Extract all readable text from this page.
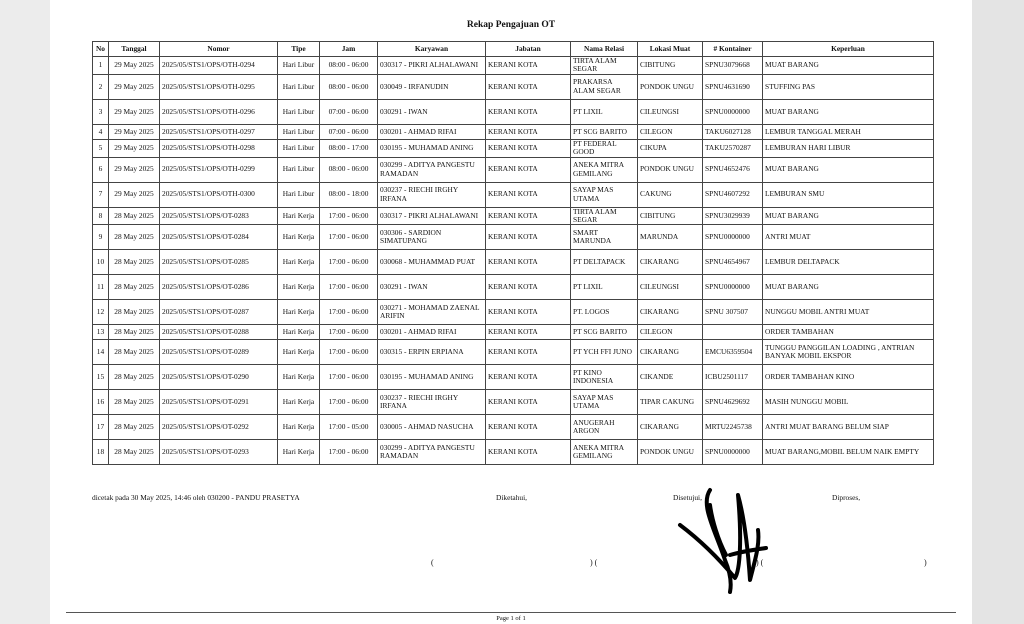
Rekap Pengajuan OT
No	Tanggal	Nomor	Tipe	Jam	Karyawan	Jabatan	Nama Relasi	Lokasi Muat	# Kontainer	Keperluan
1	29 May 2025	2025/05/STS1/OPS/OTH-0294	Hari Libur	08:00 - 06:00	030317 - PIKRI ALHALAWANI	KERANI KOTA	TIRTA ALAM SEGAR	CIBITUNG	SPNU3079668	MUAT BARANG
2	29 May 2025	2025/05/STS1/OPS/OTH-0295	Hari Libur	08:00 - 06:00	030049 - IRFANUDIN	KERANI KOTA	PRAKARSA ALAM SEGAR	PONDOK UNGU	SPNU4631690	STUFFING PAS
3	29 May 2025	2025/05/STS1/OPS/OTH-0296	Hari Libur	07:00 - 06:00	030291 - IWAN	KERANI KOTA	PT LIXIL	CILEUNGSI	SPNU0000000	MUAT BARANG
4	29 May 2025	2025/05/STS1/OPS/OTH-0297	Hari Libur	07:00 - 06:00	030201 - AHMAD RIFAI	KERANI KOTA	PT SCG BARITO	CILEGON	TAKU6027128	LEMBUR TANGGAL MERAH
5	29 May 2025	2025/05/STS1/OPS/OTH-0298	Hari Libur	08:00 - 17:00	030195 - MUHAMAD ANING	KERANI KOTA	PT FEDERAL GOOD	CIKUPA	TAKU2570287	LEMBURAN HARI LIBUR
6	29 May 2025	2025/05/STS1/OPS/OTH-0299	Hari Libur	08:00 - 06:00	030299 - ADITYA PANGESTU RAMADAN	KERANI KOTA	ANEKA MITRA GEMILANG	PONDOK UNGU	SPNU4652476	MUAT BARANG
7	29 May 2025	2025/05/STS1/OPS/OTH-0300	Hari Libur	08:00 - 18:00	030237 - RIECHI IRGHY IRFANA	KERANI KOTA	SAYAP MAS UTAMA	CAKUNG	SPNU4607292	LEMBURAN SMU
8	28 May 2025	2025/05/STS1/OPS/OT-0283	Hari Kerja	17:00 - 06:00	030317 - PIKRI ALHALAWANI	KERANI KOTA	TIRTA ALAM SEGAR	CIBITUNG	SPNU3029939	MUAT BARANG
9	28 May 2025	2025/05/STS1/OPS/OT-0284	Hari Kerja	17:00 - 06:00	030306 - SARDION SIMATUPANG	KERANI KOTA	SMART MARUNDA	MARUNDA	SPNU0000000	ANTRI MUAT
10	28 May 2025	2025/05/STS1/OPS/OT-0285	Hari Kerja	17:00 - 06:00	030068 - MUHAMMAD PUAT	KERANI KOTA	PT DELTAPACK	CIKARANG	SPNU4654967	LEMBUR DELTAPACK
11	28 May 2025	2025/05/STS1/OPS/OT-0286	Hari Kerja	17:00 - 06:00	030291 - IWAN	KERANI KOTA	PT LIXIL	CILEUNGSI	SPNU0000000	MUAT BARANG
12	28 May 2025	2025/05/STS1/OPS/OT-0287	Hari Kerja	17:00 - 06:00	030271 - MOHAMAD ZAENAL ARIFIN	KERANI KOTA	PT. LOGOS	CIKARANG	SPNU 307507	NUNGGU MOBIL ANTRI MUAT
13	28 May 2025	2025/05/STS1/OPS/OT-0288	Hari Kerja	17:00 - 06:00	030201 - AHMAD RIFAI	KERANI KOTA	PT SCG BARITO	CILEGON		ORDER TAMBAHAN
14	28 May 2025	2025/05/STS1/OPS/OT-0289	Hari Kerja	17:00 - 06:00	030315 - ERPIN ERPIANA	KERANI KOTA	PT YCH FFI JUNO	CIKARANG	EMCU6359504	TUNGGU PANGGILAN LOADING , ANTRIAN BANYAK MOBIL EKSPOR
15	28 May 2025	2025/05/STS1/OPS/OT-0290	Hari Kerja	17:00 - 06:00	030195 - MUHAMAD ANING	KERANI KOTA	PT KINO INDONESIA	CIKANDE	ICBU2501117	ORDER TAMBAHAN KINO
16	28 May 2025	2025/05/STS1/OPS/OT-0291	Hari Kerja	17:00 - 06:00	030237 - RIECHI IRGHY IRFANA	KERANI KOTA	SAYAP MAS UTAMA	TIPAR CAKUNG	SPNU4629692	MASIH NUNGGU MOBIL
17	28 May 2025	2025/05/STS1/OPS/OT-0292	Hari Kerja	17:00 - 05:00	030005 - AHMAD NASUCHA	KERANI KOTA	ANUGERAH ARGON	CIKARANG	MRTU2245738	ANTRI MUAT BARANG BELUM SIAP
18	28 May 2025	2025/05/STS1/OPS/OT-0293	Hari Kerja	17:00 - 06:00	030299 - ADITYA PANGESTU RAMADAN	KERANI KOTA	ANEKA MITRA GEMILANG	PONDOK UNGU	SPNU0000000	MUAT BARANG,MOBIL BELUM NAIK EMPTY
dicetak pada 30 May 2025, 14:46 oleh 030200 - PANDU PRASETYA	Diketahui,	Disetujui,	Diproses,
(	) (	) (	)
Page 1 of 1
